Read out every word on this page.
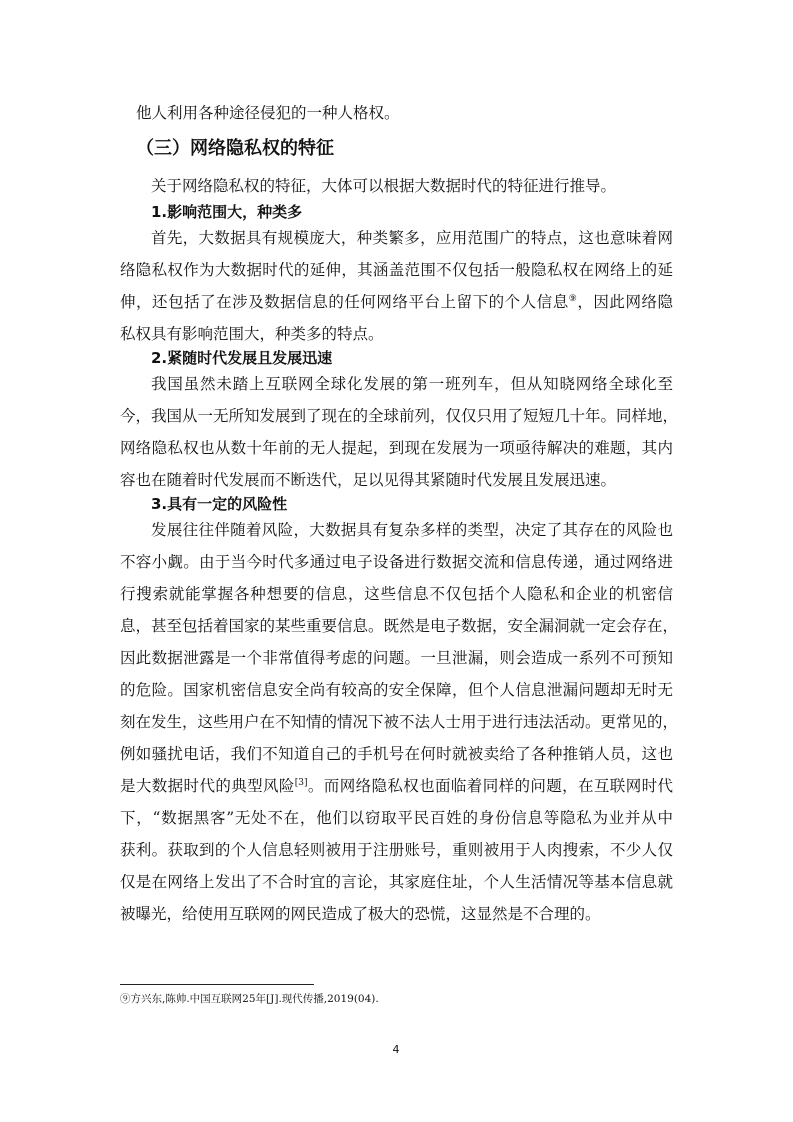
他人利用各种途径侵犯的一种人格权。
（三）网络隐私权的特征
关于网络隐私权的特征，大体可以根据大数据时代的特征进行推导。
1.影响范围大，种类多
首先，大数据具有规模庞大，种类繁多，应用范围广的特点，这也意味着网
络隐私权作为大数据时代的延伸，其涵盖范围不仅包括一般隐私权在网络上的延
伸，还包括了在涉及数据信息的任何网络平台上留下的个人信息⑨，因此网络隐
私权具有影响范围大，种类多的特点。
2.紧随时代发展且发展迅速
我国虽然未踏上互联网全球化发展的第一班列车，但从知晓网络全球化至
今，我国从一无所知发展到了现在的全球前列，仅仅只用了短短几十年。同样地，
网络隐私权也从数十年前的无人提起，到现在发展为一项亟待解决的难题，其内
容也在随着时代发展而不断迭代，足以见得其紧随时代发展且发展迅速。
3.具有一定的风险性
发展往往伴随着风险，大数据具有复杂多样的类型，决定了其存在的风险也
不容小觑。由于当今时代多通过电子设备进行数据交流和信息传递，通过网络进
行搜索就能掌握各种想要的信息，这些信息不仅包括个人隐私和企业的机密信
息，甚至包括着国家的某些重要信息。既然是电子数据，安全漏洞就一定会存在，
因此数据泄露是一个非常值得考虑的问题。一旦泄漏，则会造成一系列不可预知
的危险。国家机密信息安全尚有较高的安全保障，但个人信息泄漏问题却无时无
刻在发生，这些用户在不知情的情况下被不法人士用于进行违法活动。更常见的，
例如骚扰电话，我们不知道自己的手机号在何时就被卖给了各种推销人员，这也
是大数据时代的典型风险[3]。而网络隐私权也面临着同样的问题，在互联网时代
下，“数据黑客”无处不在，他们以窃取平民百姓的身份信息等隐私为业并从中
获利。获取到的个人信息轻则被用于注册账号，重则被用于人肉搜索，不少人仅
仅是在网络上发出了不合时宜的言论，其家庭住址，个人生活情况等基本信息就
被曝光，给使用互联网的网民造成了极大的恐慌，这显然是不合理的。
⑨方兴东,陈帅.中国互联网25年[J].现代传播,2019(04).
4
